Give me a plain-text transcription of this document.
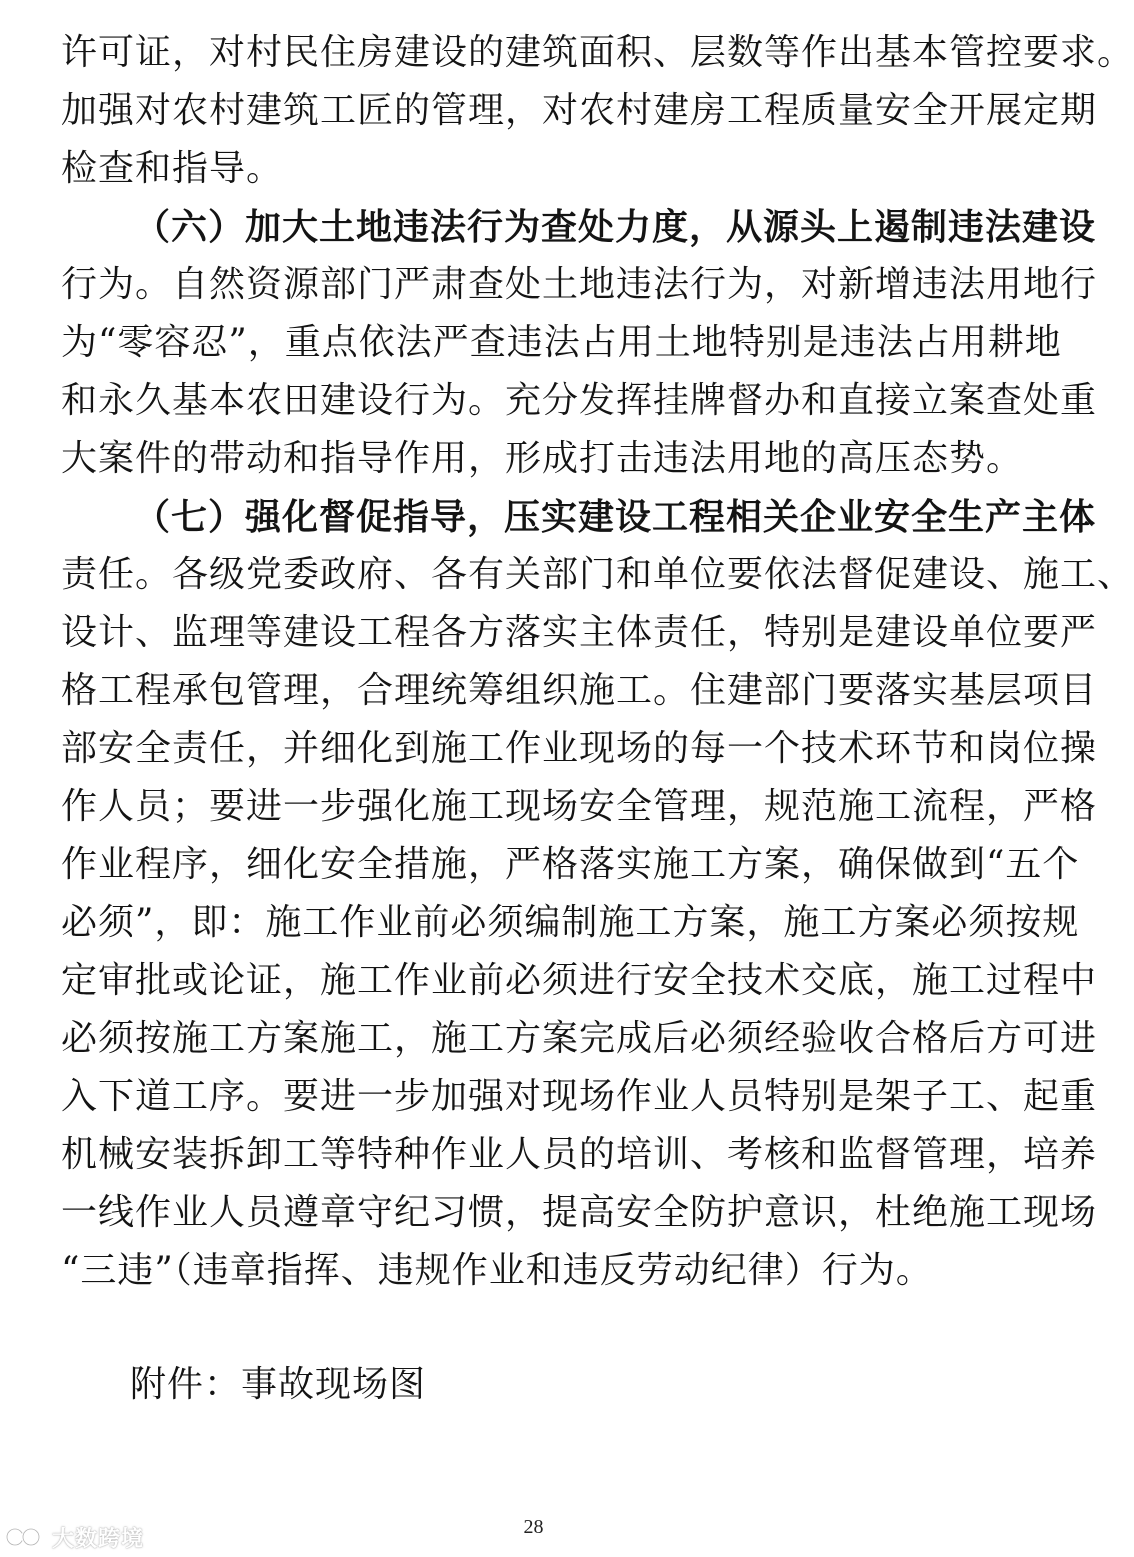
许可证，对村民住房建设的建筑面积、层数等作出基本管控要求。
加强对农村建筑工匠的管理，对农村建房工程质量安全开展定期
检查和指导。
（六）加大土地违法行为查处力度，从源头上遏制违法建设
行为。自然资源部门严肃查处土地违法行为，对新增违法用地行
为“零容忍”，重点依法严查违法占用土地特别是违法占用耕地
和永久基本农田建设行为。充分发挥挂牌督办和直接立案查处重
大案件的带动和指导作用，形成打击违法用地的高压态势。
（七）强化督促指导，压实建设工程相关企业安全生产主体
责任。各级党委政府、各有关部门和单位要依法督促建设、施工、
设计、监理等建设工程各方落实主体责任，特别是建设单位要严
格工程承包管理，合理统筹组织施工。住建部门要落实基层项目
部安全责任，并细化到施工作业现场的每一个技术环节和岗位操
作人员；要进一步强化施工现场安全管理，规范施工流程，严格
作业程序，细化安全措施，严格落实施工方案，确保做到“五个
必须”，即：施工作业前必须编制施工方案，施工方案必须按规
定审批或论证，施工作业前必须进行安全技术交底，施工过程中
必须按施工方案施工，施工方案完成后必须经验收合格后方可进
入下道工序。要进一步加强对现场作业人员特别是架子工、起重
机械安装拆卸工等特种作业人员的培训、考核和监督管理，培养
一线作业人员遵章守纪习惯，提高安全防护意识，杜绝施工现场
“三违”（违章指挥、违规作业和违反劳动纪律）行为。
附件：事故现场图
28
大数跨境
